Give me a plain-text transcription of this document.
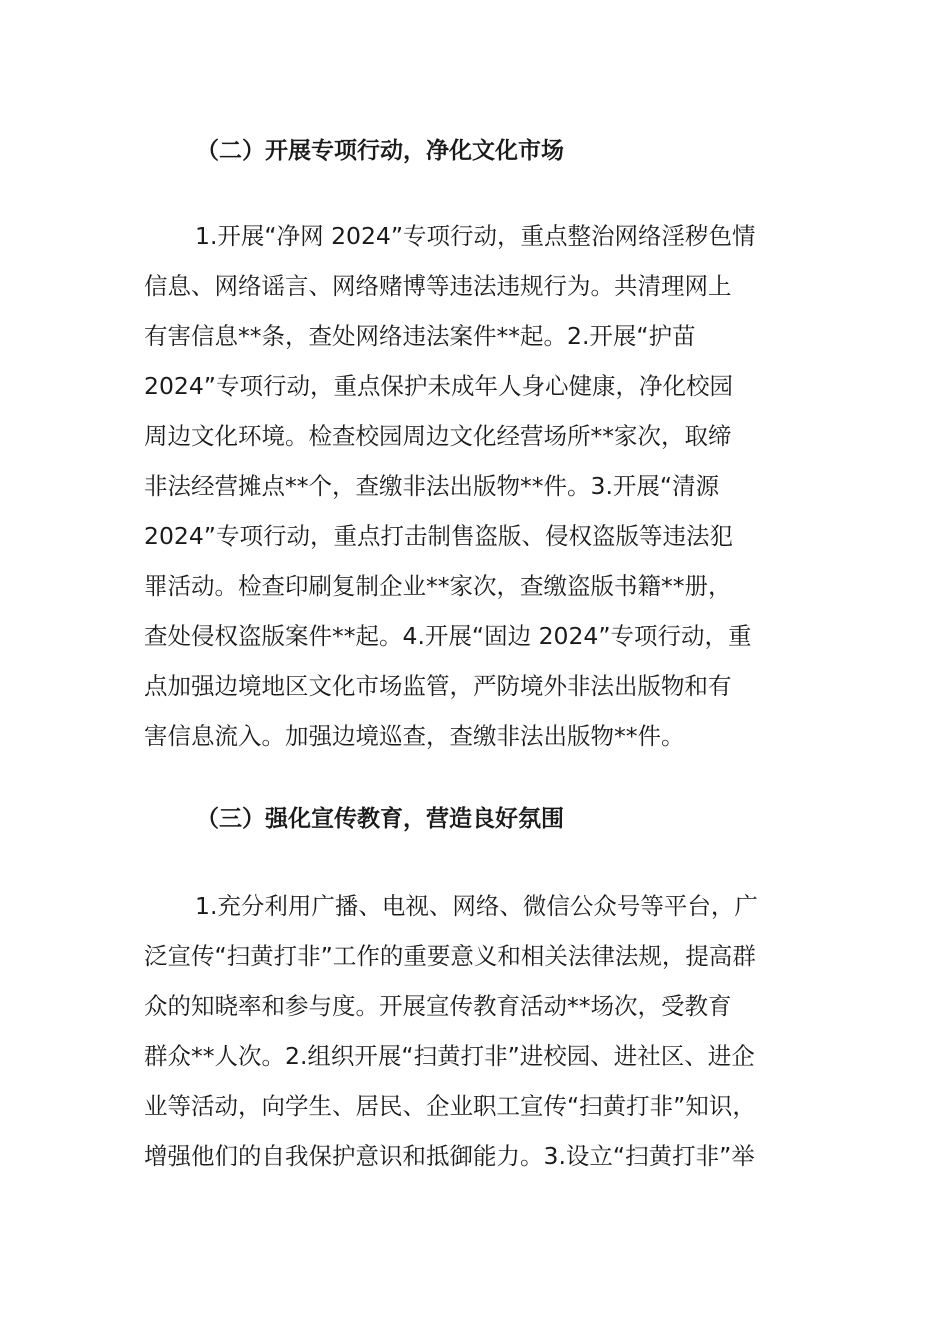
（二）开展专项行动，净化文化市场
1.开展“净网 2024”专项行动，重点整治网络淫秽色情
信息、网络谣言、网络赌博等违法违规行为。共清理网上
有害信息**条，查处网络违法案件**起。2.开展“护苗
2024”专项行动，重点保护未成年人身心健康，净化校园
周边文化环境。检查校园周边文化经营场所**家次，取缔
非法经营摊点**个，查缴非法出版物**件。3.开展“清源
2024”专项行动，重点打击制售盗版、侵权盗版等违法犯
罪活动。检查印刷复制企业**家次，查缴盗版书籍**册，
查处侵权盗版案件**起。4.开展“固边 2024”专项行动，重
点加强边境地区文化市场监管，严防境外非法出版物和有
害信息流入。加强边境巡查，查缴非法出版物**件。
（三）强化宣传教育，营造良好氛围
1.充分利用广播、电视、网络、微信公众号等平台，广
泛宣传“扫黄打非”工作的重要意义和相关法律法规，提高群
众的知晓率和参与度。开展宣传教育活动**场次，受教育
群众**人次。2.组织开展“扫黄打非”进校园、进社区、进企
业等活动，向学生、居民、企业职工宣传“扫黄打非”知识，
增强他们的自我保护意识和抵御能力。3.设立“扫黄打非”举
